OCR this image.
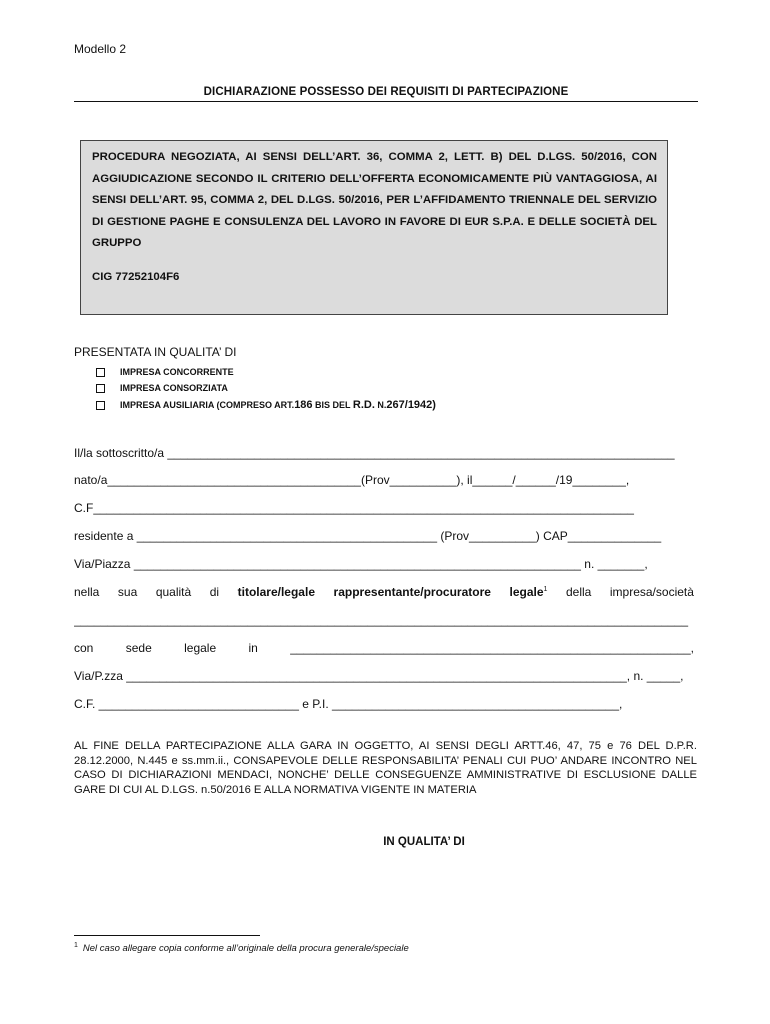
Modello 2
DICHIARAZIONE POSSESSO DEI REQUISITI DI PARTECIPAZIONE
PROCEDURA NEGOZIATA, AI SENSI DELL’ART. 36, COMMA 2, LETT. B) DEL D.LGS. 50/2016, CON AGGIUDICAZIONE SECONDO IL CRITERIO DELL’OFFERTA ECONOMICAMENTE PIÙ VANTAGGIOSA, AI SENSI DELL’ART. 95, COMMA 2, DEL D.LGS. 50/2016, PER L’AFFIDAMENTO TRIENNALE DEL SERVIZIO DI GESTIONE PAGHE E CONSULENZA DEL LAVORO IN FAVORE DI EUR S.P.A. E DELLE SOCIETÀ DEL GRUPPO
CIG 77252104F6
PRESENTATA IN QUALITA’ DI
IMPRESA CONCORRENTE
IMPRESA CONSORZIATA
IMPRESA AUSILIARIA (COMPRESO ART.186 BIS DEL R.D. N.267/1942)
Il/la sottoscritto/a ____________________________________________________________________________
nato/a______________________________________(Prov__________), il______/______/19________,
C.F_________________________________________________________________________________
residente a _____________________________________________ (Prov__________) CAP______________
Via/Piazza ___________________________________________________________________ n. _______,
nella sua qualità di titolare/legale rappresentante/procuratore legale$^1$ della impresa/società
____________________________________________________________________________________________
con	sede	legale	in	____________________________________________________________,
Via/P.zza ___________________________________________________________________________, n. _____,
C.F. ______________________________ e P.I. ___________________________________________,
AL FINE DELLA PARTECIPAZIONE ALLA GARA IN OGGETTO, AI SENSI DEGLI ARTT.46, 47, 75 e 76 DEL D.P.R. 28.12.2000, N.445 e ss.mm.ii., CONSAPEVOLE DELLE RESPONSABILITA’ PENALI CUI PUO’ ANDARE INCONTRO NEL CASO DI DICHIARAZIONI MENDACI, NONCHE’ DELLE CONSEGUENZE AMMINISTRATIVE DI ESCLUSIONE DALLE GARE DI CUI AL D.LGS. n.50/2016 E ALLA NORMATIVA VIGENTE IN MATERIA
IN QUALITA’ DI
$^1$ Nel caso allegare copia conforme all’originale della procura generale/speciale
